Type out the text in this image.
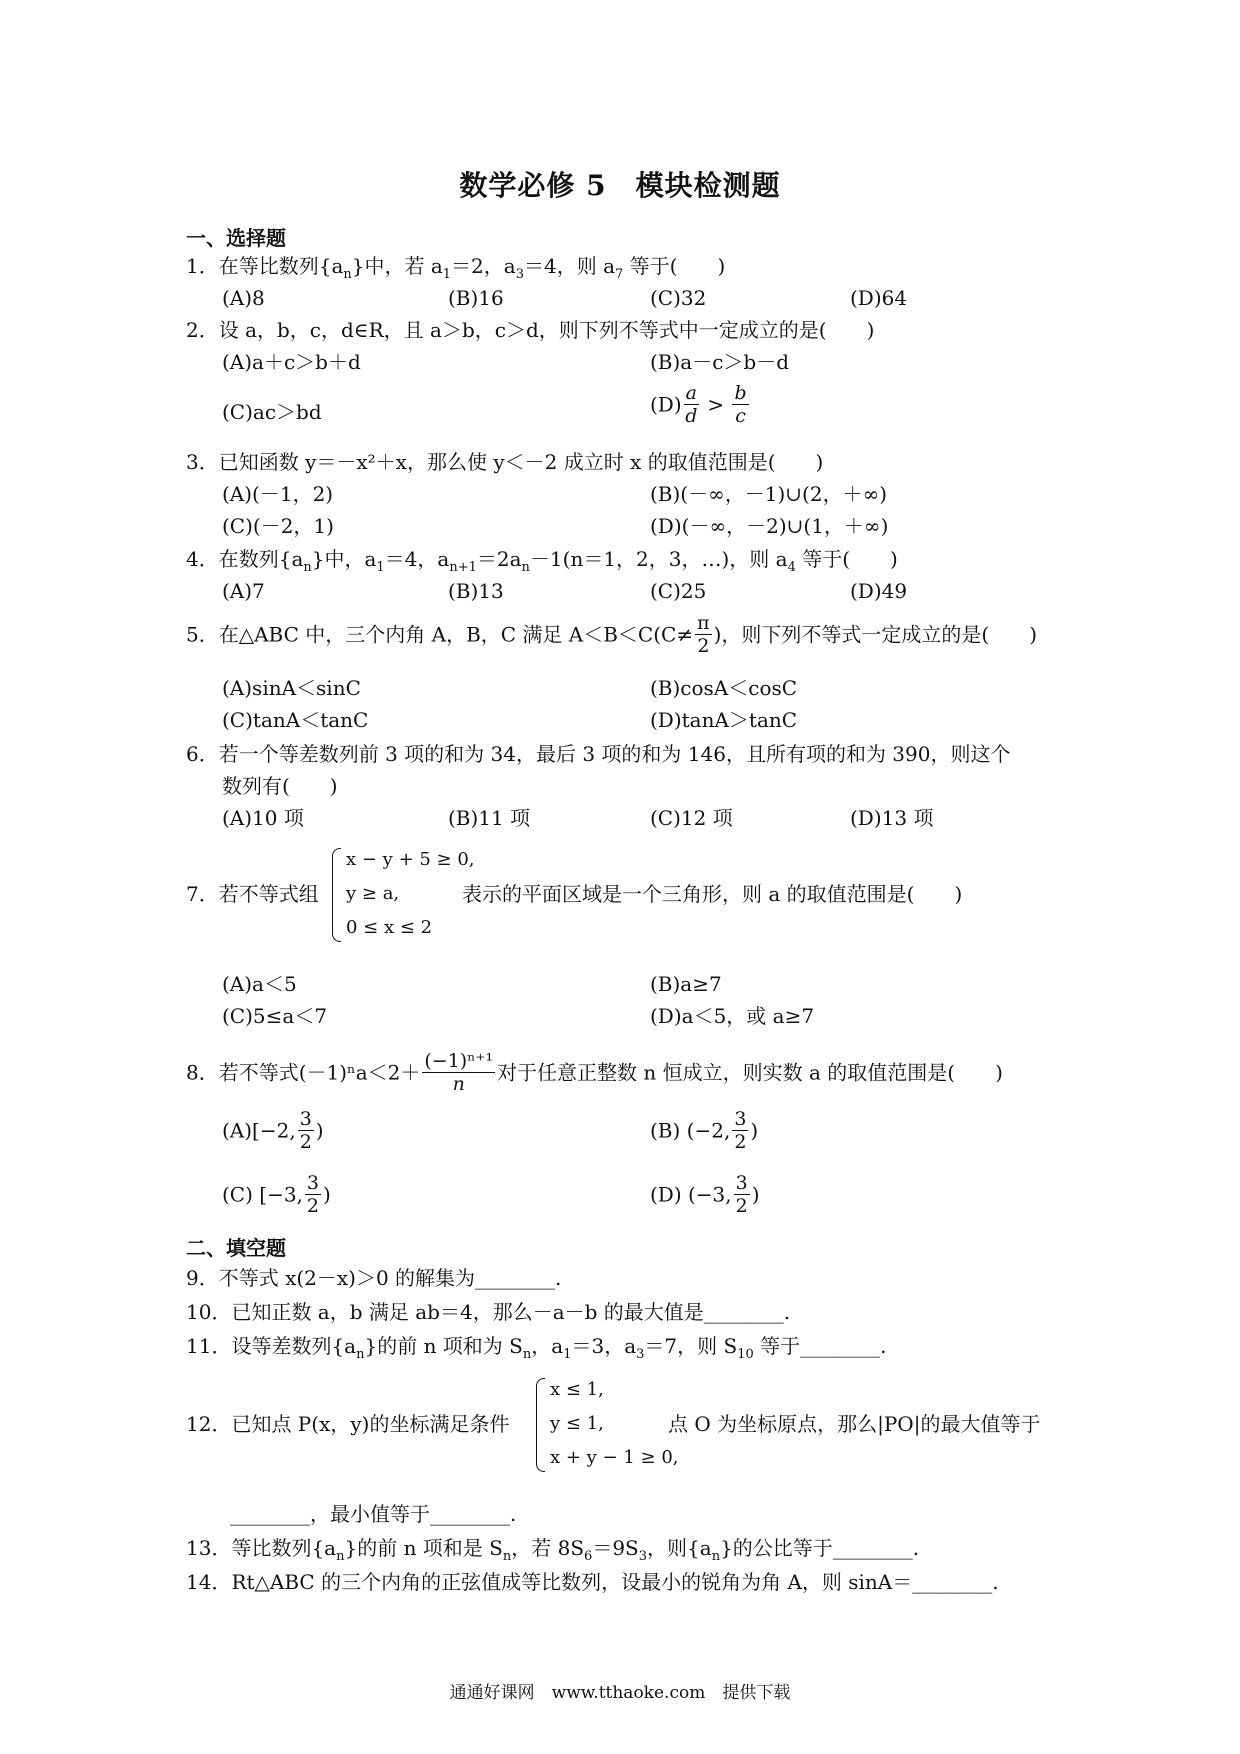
数学必修 5　模块检测题
一、选择题
1．在等比数列$\{a_n\}$中，若 $a_1=2$，$a_3=4$，则 $a_7$ 等于(　　)
(A)8	(B)16	(C)32	(D)64
2．设 a，b，c，d∈R，且 a＞b，c＞d，则下列不等式中一定成立的是(　　)
(A)a＋c＞b＋d	(B)a－c＞b－d
(C)ac＞bd	$(D) \frac{a}{d} > \frac{b}{c}$
3．已知函数 y＝－x²＋x，那么使 y＜－2 成立时 x 的取值范围是(　　)
(A)(－1，2)	(B)(－∞，－1)∪(2，＋∞)
(C)(－2，1)	(D)(－∞，－2)∪(1，＋∞)
4．在数列$\{a_n\}$中，$a_1=4$，$a_{n+1}=2a_n-1(n=1$，2，3，…)，则 $a_4$ 等于(　　)
(A)7	(B)13	(C)25	(D)49
5．在△ABC 中，三个内角 A，B，C 满足 $A<B<C(C\ne \frac{\pi}{2}$ )，则下列不等式一定成立的是(　　)
(A)sinA＜sinC	(B)cosA＜cosC
(C)tanA＜tanC	(D)tanA＞tanC
6．若一个等差数列前 3 项的和为 34，最后 3 项的和为 146，且所有项的和为 390，则这个
数列有(　　)
(A)10 项	(B)11 项	(C)12 项	(D)13 项
7．若不等式组
x − y + 5 ≥ 0,
y ≥ a,
0 ≤ x ≤ 2
表示的平面区域是一个三角形，则 a 的取值范围是(　　)
(A)a＜5	(B)a≥7
(C)5≤a＜7	(D)a＜5，或 a≥7
8．若不等式$(-1)^na<2+ \frac{\text{(−1)ⁿ⁺¹}}{n}$ 对于任意正整数 n 恒成立，则实数 a 的取值范围是(　　)
(A)[−2, $\frac{3}{2}$ )	(B) (−2, $\frac{3}{2}$ )
(C) [−3, $\frac{3}{2}$ )	(D) (−3, $\frac{3}{2}$ )
二、填空题
9．不等式 x(2－x)＞0 的解集为________.
10．已知正数 a，b 满足 ab＝4，那么－a－b 的最大值是________.
11．设等差数列$\{a_n\}$的前 n 项和为 $S_n$，$a_1=3$，$a_3=7$，则 $S_{10}$ 等于________.
12．已知点 P(x，y)的坐标满足条件
x ≤ 1,
y ≤ 1,
x + y − 1 ≥ 0,
点 O 为坐标原点，那么|PO|的最大值等于
________，最小值等于________.
13．等比数列$\{a_n\}$的前 n 项和是 $S_n$，若 $8S_6=9S_3$，则$\{a_n\}$的公比等于________.
14．Rt△ABC 的三个内角的正弦值成等比数列，设最小的锐角为角 A，则 sinA＝________.
通通好课网　www.tthaoke.com　提供下载
